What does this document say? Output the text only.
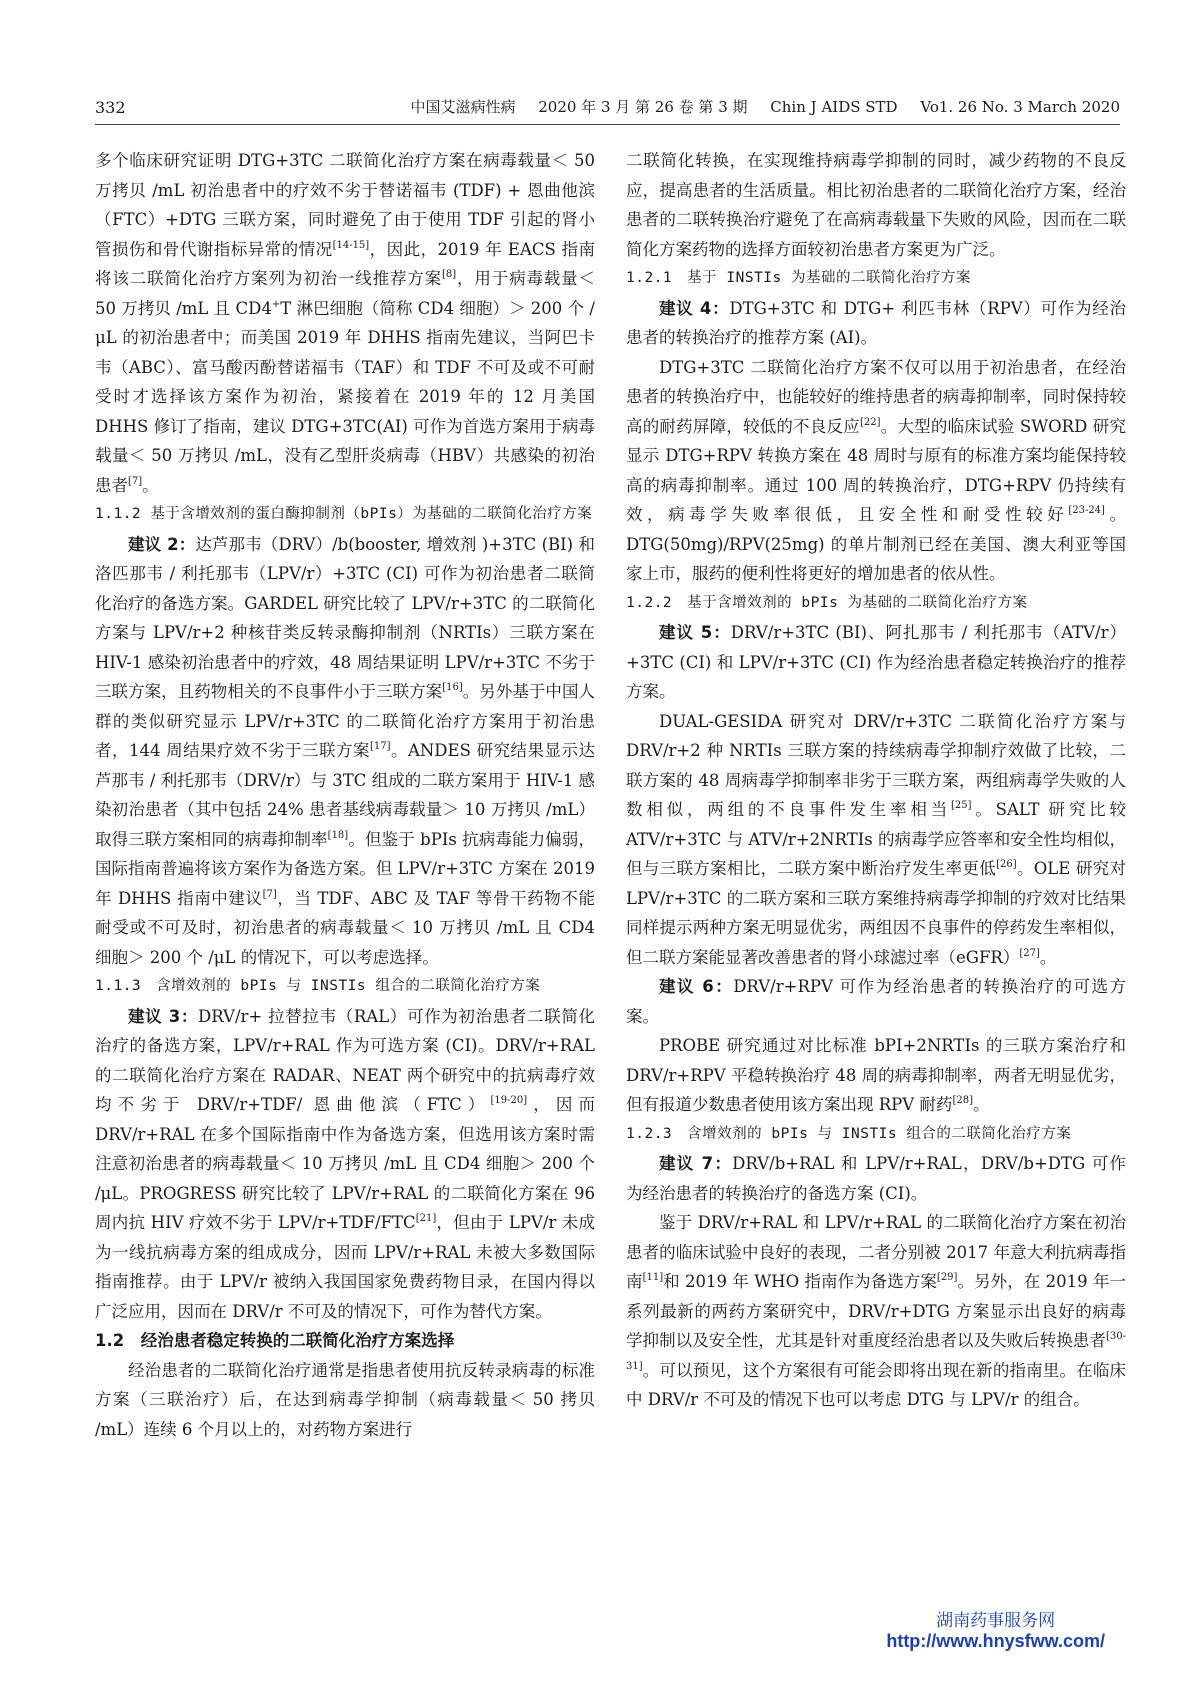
332	中国艾滋病性病 2020 年 3 月 第 26 卷 第 3 期 Chin J AIDS STD Vo1. 26 No. 3 March 2020

多个临床研究证明 DTG+3TC 二联简化治疗方案在病毒载量＜ 50 万拷贝 /mL 初治患者中的疗效不劣于替诺福韦 (TDF) + 恩曲他滨（FTC）+DTG 三联方案，同时避免了由于使用 TDF 引起的肾小管损伤和骨代谢指标异常的情况[14-15]，因此，2019 年 EACS 指南将该二联简化治疗方案列为初治一线推荐方案[8]，用于病毒载量＜ 50 万拷贝 /mL 且 CD4+T 淋巴细胞（简称 CD4 细胞）＞ 200 个 /μL 的初治患者中；而美国 2019 年 DHHS 指南先建议，当阿巴卡韦（ABC）、富马酸丙酚替诺福韦（TAF）和 TDF 不可及或不可耐受时才选择该方案作为初治，紧接着在 2019 年的 12 月美国 DHHS 修订了指南，建议 DTG+3TC(AI) 可作为首选方案用于病毒载量＜ 50 万拷贝 /mL，没有乙型肝炎病毒（HBV）共感染的初治患者[7]。

1.1.2 基于含增效剂的蛋白酶抑制剂（bPIs）为基础的二联简化治疗方案

建议 2：达芦那韦（DRV）/b(booster, 增效剂 )+3TC (BI) 和洛匹那韦 / 利托那韦（LPV/r）+3TC (CI) 可作为初治患者二联简化治疗的备选方案。GARDEL 研究比较了 LPV/r+3TC 的二联简化方案与 LPV/r+2 种核苷类反转录酶抑制剂（NRTIs）三联方案在 HIV-1 感染初治患者中的疗效，48 周结果证明 LPV/r+3TC 不劣于三联方案，且药物相关的不良事件小于三联方案[16]。另外基于中国人群的类似研究显示 LPV/r+3TC 的二联简化治疗方案用于初治患者，144 周结果疗效不劣于三联方案[17]。ANDES 研究结果显示达芦那韦 / 利托那韦（DRV/r）与 3TC 组成的二联方案用于 HIV-1 感染初治患者（其中包括 24% 患者基线病毒载量＞ 10 万拷贝 /mL）取得三联方案相同的病毒抑制率[18]。但鉴于 bPIs 抗病毒能力偏弱，国际指南普遍将该方案作为备选方案。但 LPV/r+3TC 方案在 2019 年 DHHS 指南中建议[7]，当 TDF、ABC 及 TAF 等骨干药物不能耐受或不可及时，初治患者的病毒载量＜ 10 万拷贝 /mL 且 CD4 细胞＞ 200 个 /μL 的情况下，可以考虑选择。

1.1.3　含增效剂的 bPIs 与 INSTIs 组合的二联简化治疗方案

建议 3：DRV/r+ 拉替拉韦（RAL）可作为初治患者二联简化治疗的备选方案，LPV/r+RAL 作为可选方案 (CI)。DRV/r+RAL 的二联简化治疗方案在 RADAR、NEAT 两个研究中的抗病毒疗效均不劣于 DRV/r+TDF/ 恩曲他滨（FTC）[19-20]，因而 DRV/r+RAL 在多个国际指南中作为备选方案，但选用该方案时需注意初治患者的病毒载量＜ 10 万拷贝 /mL 且 CD4 细胞＞ 200 个 /μL。PROGRESS 研究比较了 LPV/r+RAL 的二联简化方案在 96 周内抗 HIV 疗效不劣于 LPV/r+TDF/FTC[21]，但由于 LPV/r 未成为一线抗病毒方案的组成成分，因而 LPV/r+RAL 未被大多数国际指南推荐。由于 LPV/r 被纳入我国国家免费药物目录，在国内得以广泛应用，因而在 DRV/r 不可及的情况下，可作为替代方案。

1.2　经治患者稳定转换的二联简化治疗方案选择

经治患者的二联简化治疗通常是指患者使用抗反转录病毒的标准方案（三联治疗）后，在达到病毒学抑制（病毒载量＜ 50 拷贝 /mL）连续 6 个月以上的，对药物方案进行

二联简化转换，在实现维持病毒学抑制的同时，减少药物的不良反应，提高患者的生活质量。相比初治患者的二联简化治疗方案，经治患者的二联转换治疗避免了在高病毒载量下失败的风险，因而在二联简化方案药物的选择方面较初治患者方案更为广泛。

1.2.1　基于 INSTIs 为基础的二联简化治疗方案

建议 4：DTG+3TC 和 DTG+ 利匹韦林（RPV）可作为经治患者的转换治疗的推荐方案 (AI)。

DTG+3TC 二联简化治疗方案不仅可以用于初治患者，在经治患者的转换治疗中，也能较好的维持患者的病毒抑制率，同时保持较高的耐药屏障，较低的不良反应[22]。大型的临床试验 SWORD 研究显示 DTG+RPV 转换方案在 48 周时与原有的标准方案均能保持较高的病毒抑制率。通过 100 周的转换治疗，DTG+RPV 仍持续有效，病毒学失败率很低，且安全性和耐受性较好[23-24]。DTG(50mg)/RPV(25mg) 的单片制剂已经在美国、澳大利亚等国家上市，服药的便利性将更好的增加患者的依从性。

1.2.2　基于含增效剂的 bPIs 为基础的二联简化治疗方案

建议 5：DRV/r+3TC (BI)、阿扎那韦 / 利托那韦（ATV/r）+3TC (CI) 和 LPV/r+3TC (CI) 作为经治患者稳定转换治疗的推荐方案。

DUAL-GESIDA 研究对 DRV/r+3TC 二联简化治疗方案与 DRV/r+2 种 NRTIs 三联方案的持续病毒学抑制疗效做了比较，二联方案的 48 周病毒学抑制率非劣于三联方案，两组病毒学失败的人数相似，两组的不良事件发生率相当[25]。SALT 研究比较 ATV/r+3TC 与 ATV/r+2NRTIs 的病毒学应答率和安全性均相似，但与三联方案相比，二联方案中断治疗发生率更低[26]。OLE 研究对 LPV/r+3TC 的二联方案和三联方案维持病毒学抑制的疗效对比结果同样提示两种方案无明显优劣，两组因不良事件的停药发生率相似，但二联方案能显著改善患者的肾小球滤过率（eGFR）[27]。

建议 6：DRV/r+RPV 可作为经治患者的转换治疗的可选方案。

PROBE 研究通过对比标准 bPI+2NRTIs 的三联方案治疗和 DRV/r+RPV 平稳转换治疗 48 周的病毒抑制率，两者无明显优劣，但有报道少数患者使用该方案出现 RPV 耐药[28]。

1.2.3　含增效剂的 bPIs 与 INSTIs 组合的二联简化治疗方案

建议 7：DRV/b+RAL 和 LPV/r+RAL，DRV/b+DTG 可作为经治患者的转换治疗的备选方案 (CI)。

鉴于 DRV/r+RAL 和 LPV/r+RAL 的二联简化治疗方案在初治患者的临床试验中良好的表现，二者分别被 2017 年意大利抗病毒指南[11]和 2019 年 WHO 指南作为备选方案[29]。另外，在 2019 年一系列最新的两药方案研究中，DRV/r+DTG 方案显示出良好的病毒学抑制以及安全性，尤其是针对重度经治患者以及失败后转换患者[30-31]。可以预见，这个方案很有可能会即将出现在新的指南里。在临床中 DRV/r 不可及的情况下也可以考虑 DTG 与 LPV/r 的组合。

湖南药事服务网
http://www.hnysfww.com/
